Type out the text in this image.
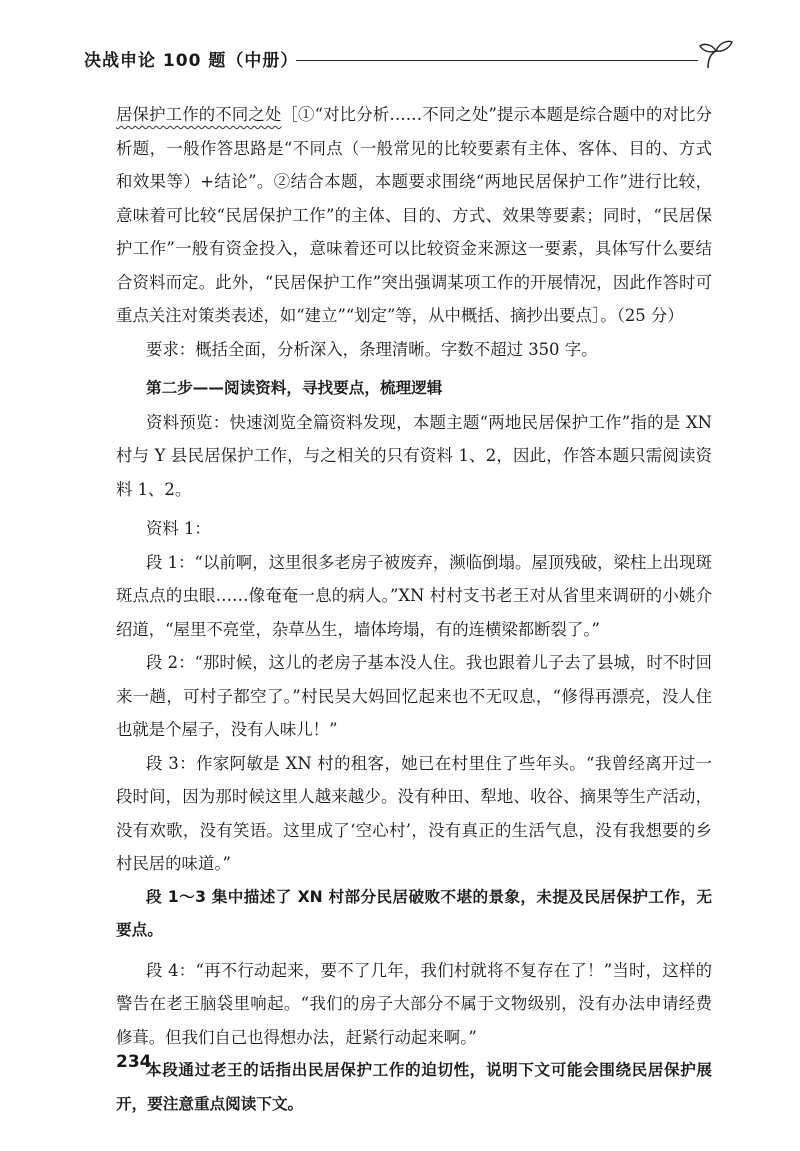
决战申论 100 题（中册）

居保护工作的不同之处［①“对比分析……不同之处”提示本题是综合题中的对比分析题，一般作答思路是“不同点（一般常见的比较要素有主体、客体、目的、方式和效果等）+结论”。②结合本题，本题要求围绕“两地民居保护工作”进行比较，意味着可比较“民居保护工作”的主体、目的、方式、效果等要素；同时，“民居保护工作”一般有资金投入，意味着还可以比较资金来源这一要素，具体写什么要结合资料而定。此外，“民居保护工作”突出强调某项工作的开展情况，因此作答时可重点关注对策类表述，如“建立”“划定”等，从中概括、摘抄出要点］。（25 分）

要求：概括全面，分析深入，条理清晰。字数不超过 350 字。

第二步——阅读资料，寻找要点，梳理逻辑

资料预览：快速浏览全篇资料发现，本题主题“两地民居保护工作”指的是 XN 村与 Y 县民居保护工作，与之相关的只有资料 1、2，因此，作答本题只需阅读资料 1、2。

资料 1：

段 1：“以前啊，这里很多老房子被废弃，濒临倒塌。屋顶残破，梁柱上出现斑斑点点的虫眼……像奄奄一息的病人。”XN 村村支书老王对从省里来调研的小姚介绍道，“屋里不亮堂，杂草丛生，墙体垮塌，有的连横梁都断裂了。”

段 2：“那时候，这儿的老房子基本没人住。我也跟着儿子去了县城，时不时回来一趟，可村子都空了。”村民吴大妈回忆起来也不无叹息，“修得再漂亮，没人住也就是个屋子，没有人味儿！”

段 3：作家阿敏是 XN 村的租客，她已在村里住了些年头。“我曾经离开过一段时间，因为那时候这里人越来越少。没有种田、犁地、收谷、摘果等生产活动，没有欢歌，没有笑语。这里成了‘空心村’，没有真正的生活气息，没有我想要的乡村民居的味道。”

段 1～3 集中描述了 XN 村部分民居破败不堪的景象，未提及民居保护工作，无要点。

段 4：“再不行动起来，要不了几年，我们村就将不复存在了！”当时，这样的警告在老王脑袋里响起。“我们的房子大部分不属于文物级别，没有办法申请经费修葺。但我们自己也得想办法，赶紧行动起来啊。”

本段通过老王的话指出民居保护工作的迫切性，说明下文可能会围绕民居保护展开，要注意重点阅读下文。

234
